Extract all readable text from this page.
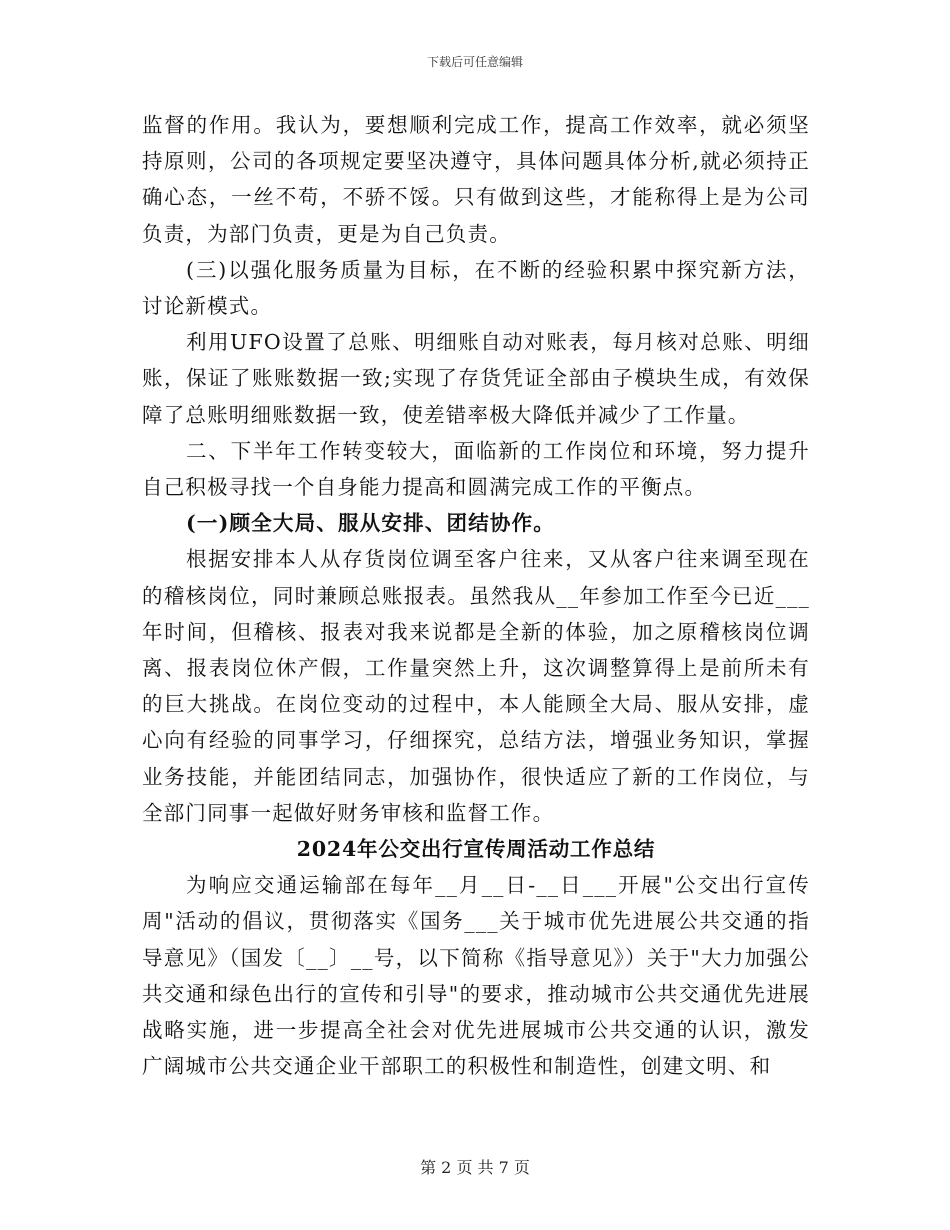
下载后可任意编辑

监督的作用。我认为，要想顺利完成工作，提高工作效率，就必须坚持原则，公司的各项规定要坚决遵守，具体问题具体分析,就必须持正确心态，一丝不苟，不骄不馁。只有做到这些，才能称得上是为公司负责，为部门负责，更是为自己负责。

(三)以强化服务质量为目标，在不断的经验积累中探究新方法，讨论新模式。

利用UFO设置了总账、明细账自动对账表，每月核对总账、明细账，保证了账账数据一致;实现了存货凭证全部由子模块生成，有效保障了总账明细账数据一致，使差错率极大降低并减少了工作量。

二、下半年工作转变较大，面临新的工作岗位和环境，努力提升自己积极寻找一个自身能力提高和圆满完成工作的平衡点。

(一)顾全大局、服从安排、团结协作。

根据安排本人从存货岗位调至客户往来，又从客户往来调至现在的稽核岗位，同时兼顾总账报表。虽然我从__年参加工作至今已近___年时间，但稽核、报表对我来说都是全新的体验，加之原稽核岗位调离、报表岗位休产假，工作量突然上升，这次调整算得上是前所未有的巨大挑战。在岗位变动的过程中，本人能顾全大局、服从安排，虚心向有经验的同事学习，仔细探究，总结方法，增强业务知识，掌握业务技能，并能团结同志，加强协作，很快适应了新的工作岗位，与全部门同事一起做好财务审核和监督工作。

2024年公交出行宣传周活动工作总结

为响应交通运输部在每年__月__日-__日___开展"公交出行宣传周"活动的倡议，贯彻落实《国务___关于城市优先进展公共交通的指导意见》（国发〔__〕__号，以下简称《指导意见》）关于"大力加强公共交通和绿色出行的宣传和引导"的要求，推动城市公共交通优先进展战略实施，进一步提高全社会对优先进展城市公共交通的认识，激发广阔城市公共交通企业干部职工的积极性和制造性，创建文明、和

第 2 页 共 7 页
